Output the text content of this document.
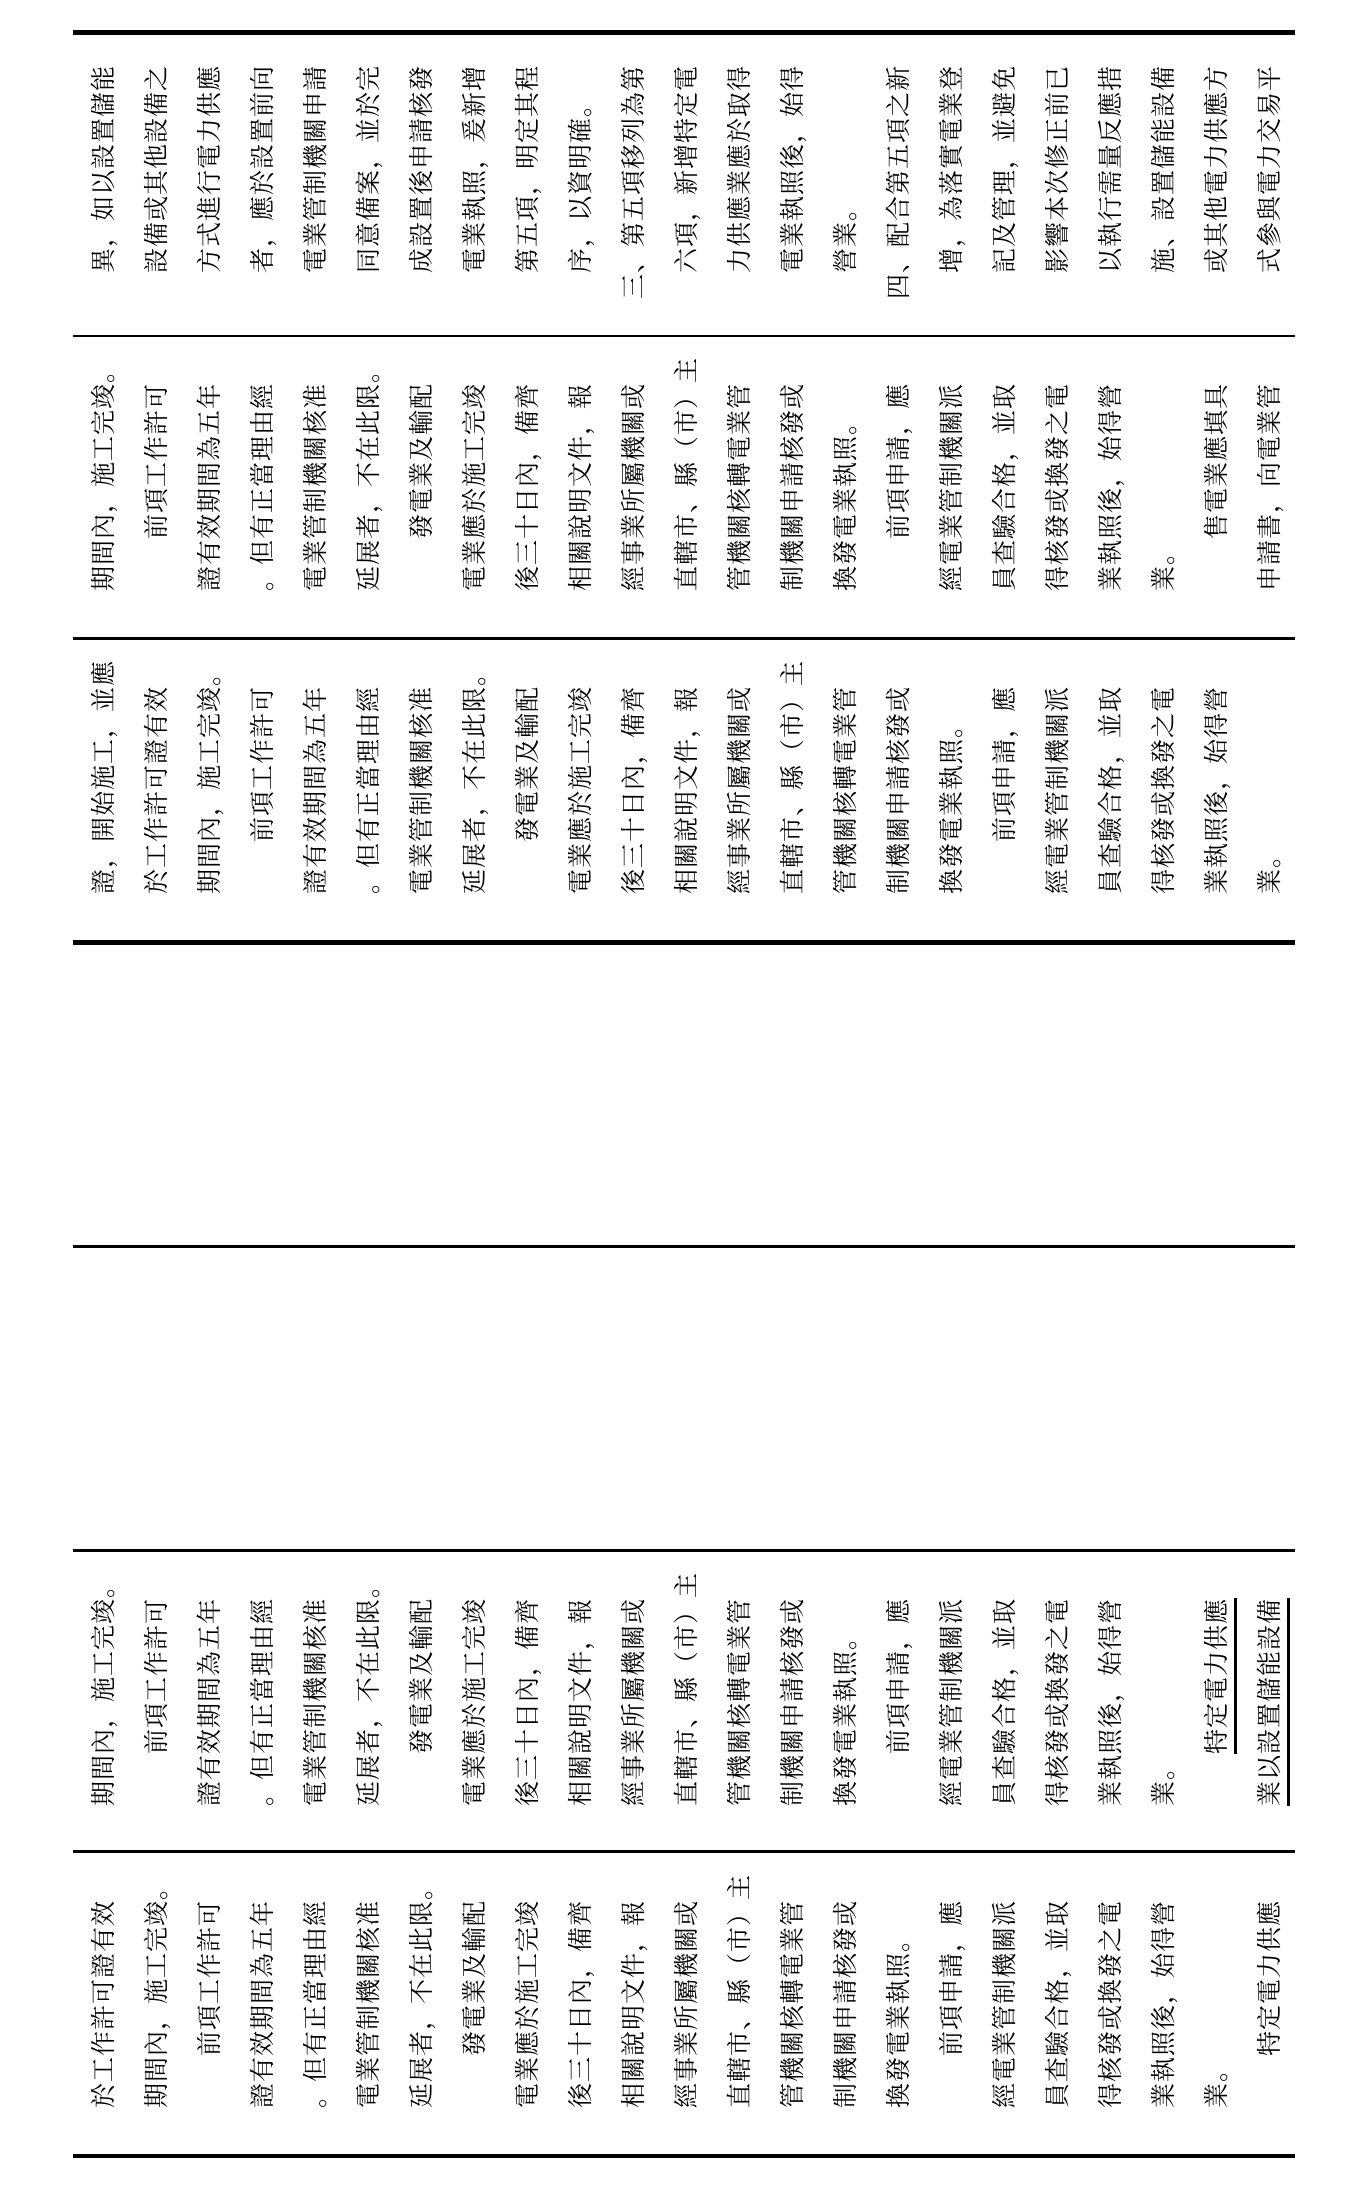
於工作許可證有效 期間內，施工完竣。 前項工作許可 證有效期間為五年 。但有正當理由經 電業管制機關核准 延展者，不在此限。 發電業及輸配 電業應於施工完竣 後三十日內，備齊 相關說明文件，報 經事業所屬機關或 直轄市、縣（市）主 管機關核轉電業管 制機關申請核發或 換發電業執照。 前項申請，應 經電業管制機關派 員查驗合格，並取 得核發或換發之電 業執照後，始得營 業。
特定電力供應
期間內，施工完竣。 前項工作許可 證有效期間為五年 。但有正當理由經 電業管制機關核准 延展者，不在此限。 發電業及輸配 電業應於施工完竣 後三十日內，備齊 相關說明文件，報 經事業所屬機關或 直轄市、縣（市）主 管機關核轉電業管 制機關申請核發或 換發電業執照。 前項申請，應 經電業管制機關派 員查驗合格，並取 得核發或換發之電 業執照後，始得營 業。
特定電力供應 業以設置儲能設備
證，開始施工，並應 於工作許可證有效 期間內，施工完竣。 前項工作許可 證有效期間為五年 。但有正當理由經 電業管制機關核准 延展者，不在此限。 發電業及輸配 電業應於施工完竣 後三十日內，備齊 相關說明文件，報 經事業所屬機關或 直轄市、縣（市）主 管機關核轉電業管 制機關申請核發或 換發電業執照。 前項申請，應 經電業管制機關派 員查驗合格，並取 得核發或換發之電 業執照後，始得營 業。
期間內，施工完竣。 前項工作許可 證有效期間為五年 。但有正當理由經 電業管制機關核准 延展者，不在此限。 發電業及輸配 電業應於施工完竣 後三十日內，備齊 相關說明文件，報 經事業所屬機關或 直轄市、縣（市）主 管機關核轉電業管 制機關申請核發或 換發電業執照。 前項申請，應 經電業管制機關派 員查驗合格，並取 得核發或換發之電 業執照後，始得營 業。
售電業應填具 申請書，向電業管
異，如以設置儲能 設備或其他設備之 方式進行電力供應 者，應於設置前向 電業管制機關申請 同意備案，並於完 成設置後申請核發 電業執照，爰新增 第五項，明定其程 序，以資明確。 三、第五項移列為第 六項，新增特定電 力供應業應於取得 電業執照後，始得 營業。 四、配合第五項之新 增，為落實電業登 記及管理，並避免 影響本次修正前已 以執行需量反應措 施、設置儲能設備 或其他電力供應方 式參與電力交易平
